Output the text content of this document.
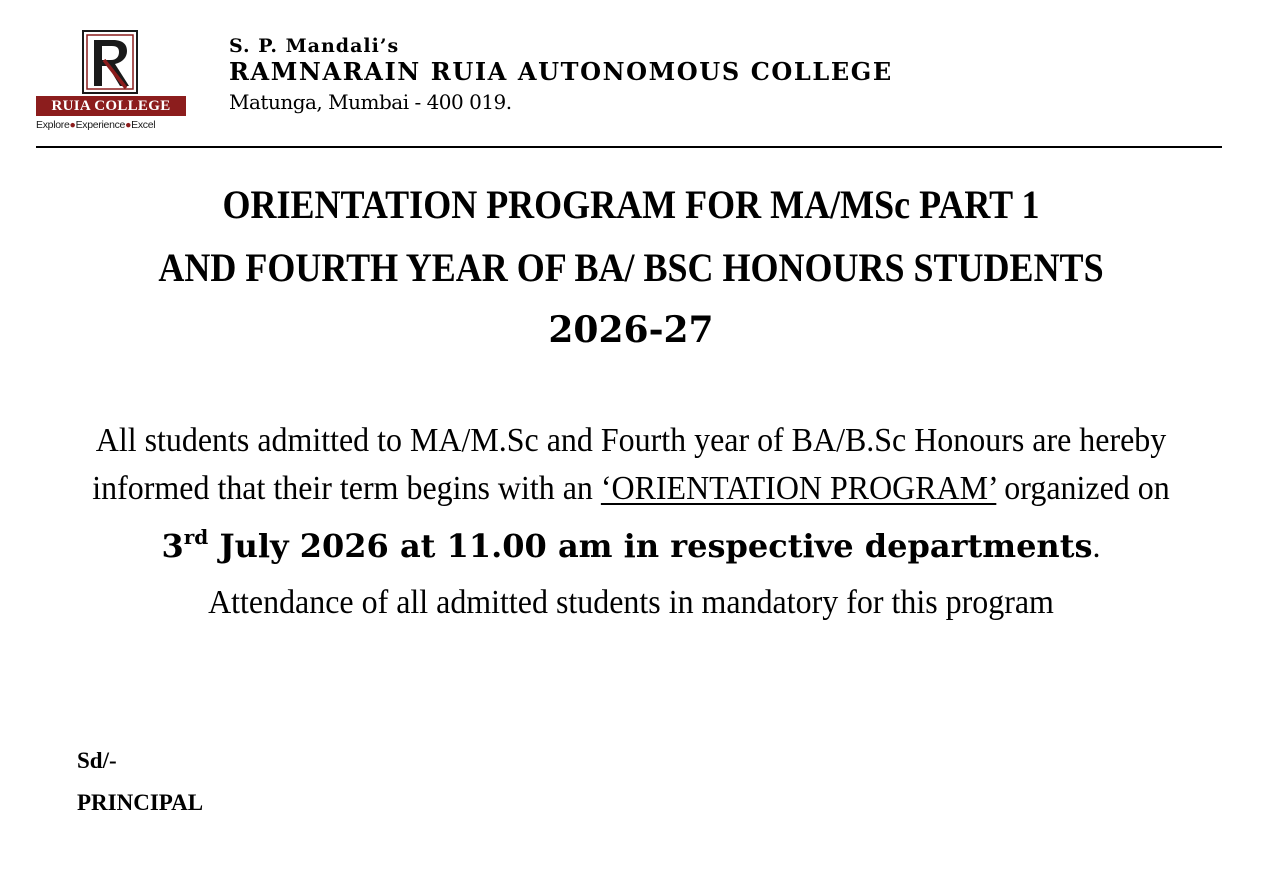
RUIA COLLEGE
Explore●Experience●Excel
S. P. Mandali’s
RAMNARAIN RUIA AUTONOMOUS COLLEGE
Matunga, Mumbai - 400 019.
ORIENTATION PROGRAM FOR MA/MSc PART 1
AND FOURTH YEAR OF BA/ BSC HONOURS STUDENTS
2026-27
All students admitted to MA/M.Sc and Fourth year of BA/B.Sc Honours are hereby
informed that their term begins with an ‘ORIENTATION PROGRAM’ organized on
3rd July 2026 at 11.00 am in respective departments.
Attendance of all admitted students in mandatory for this program
Sd/-
PRINCIPAL
